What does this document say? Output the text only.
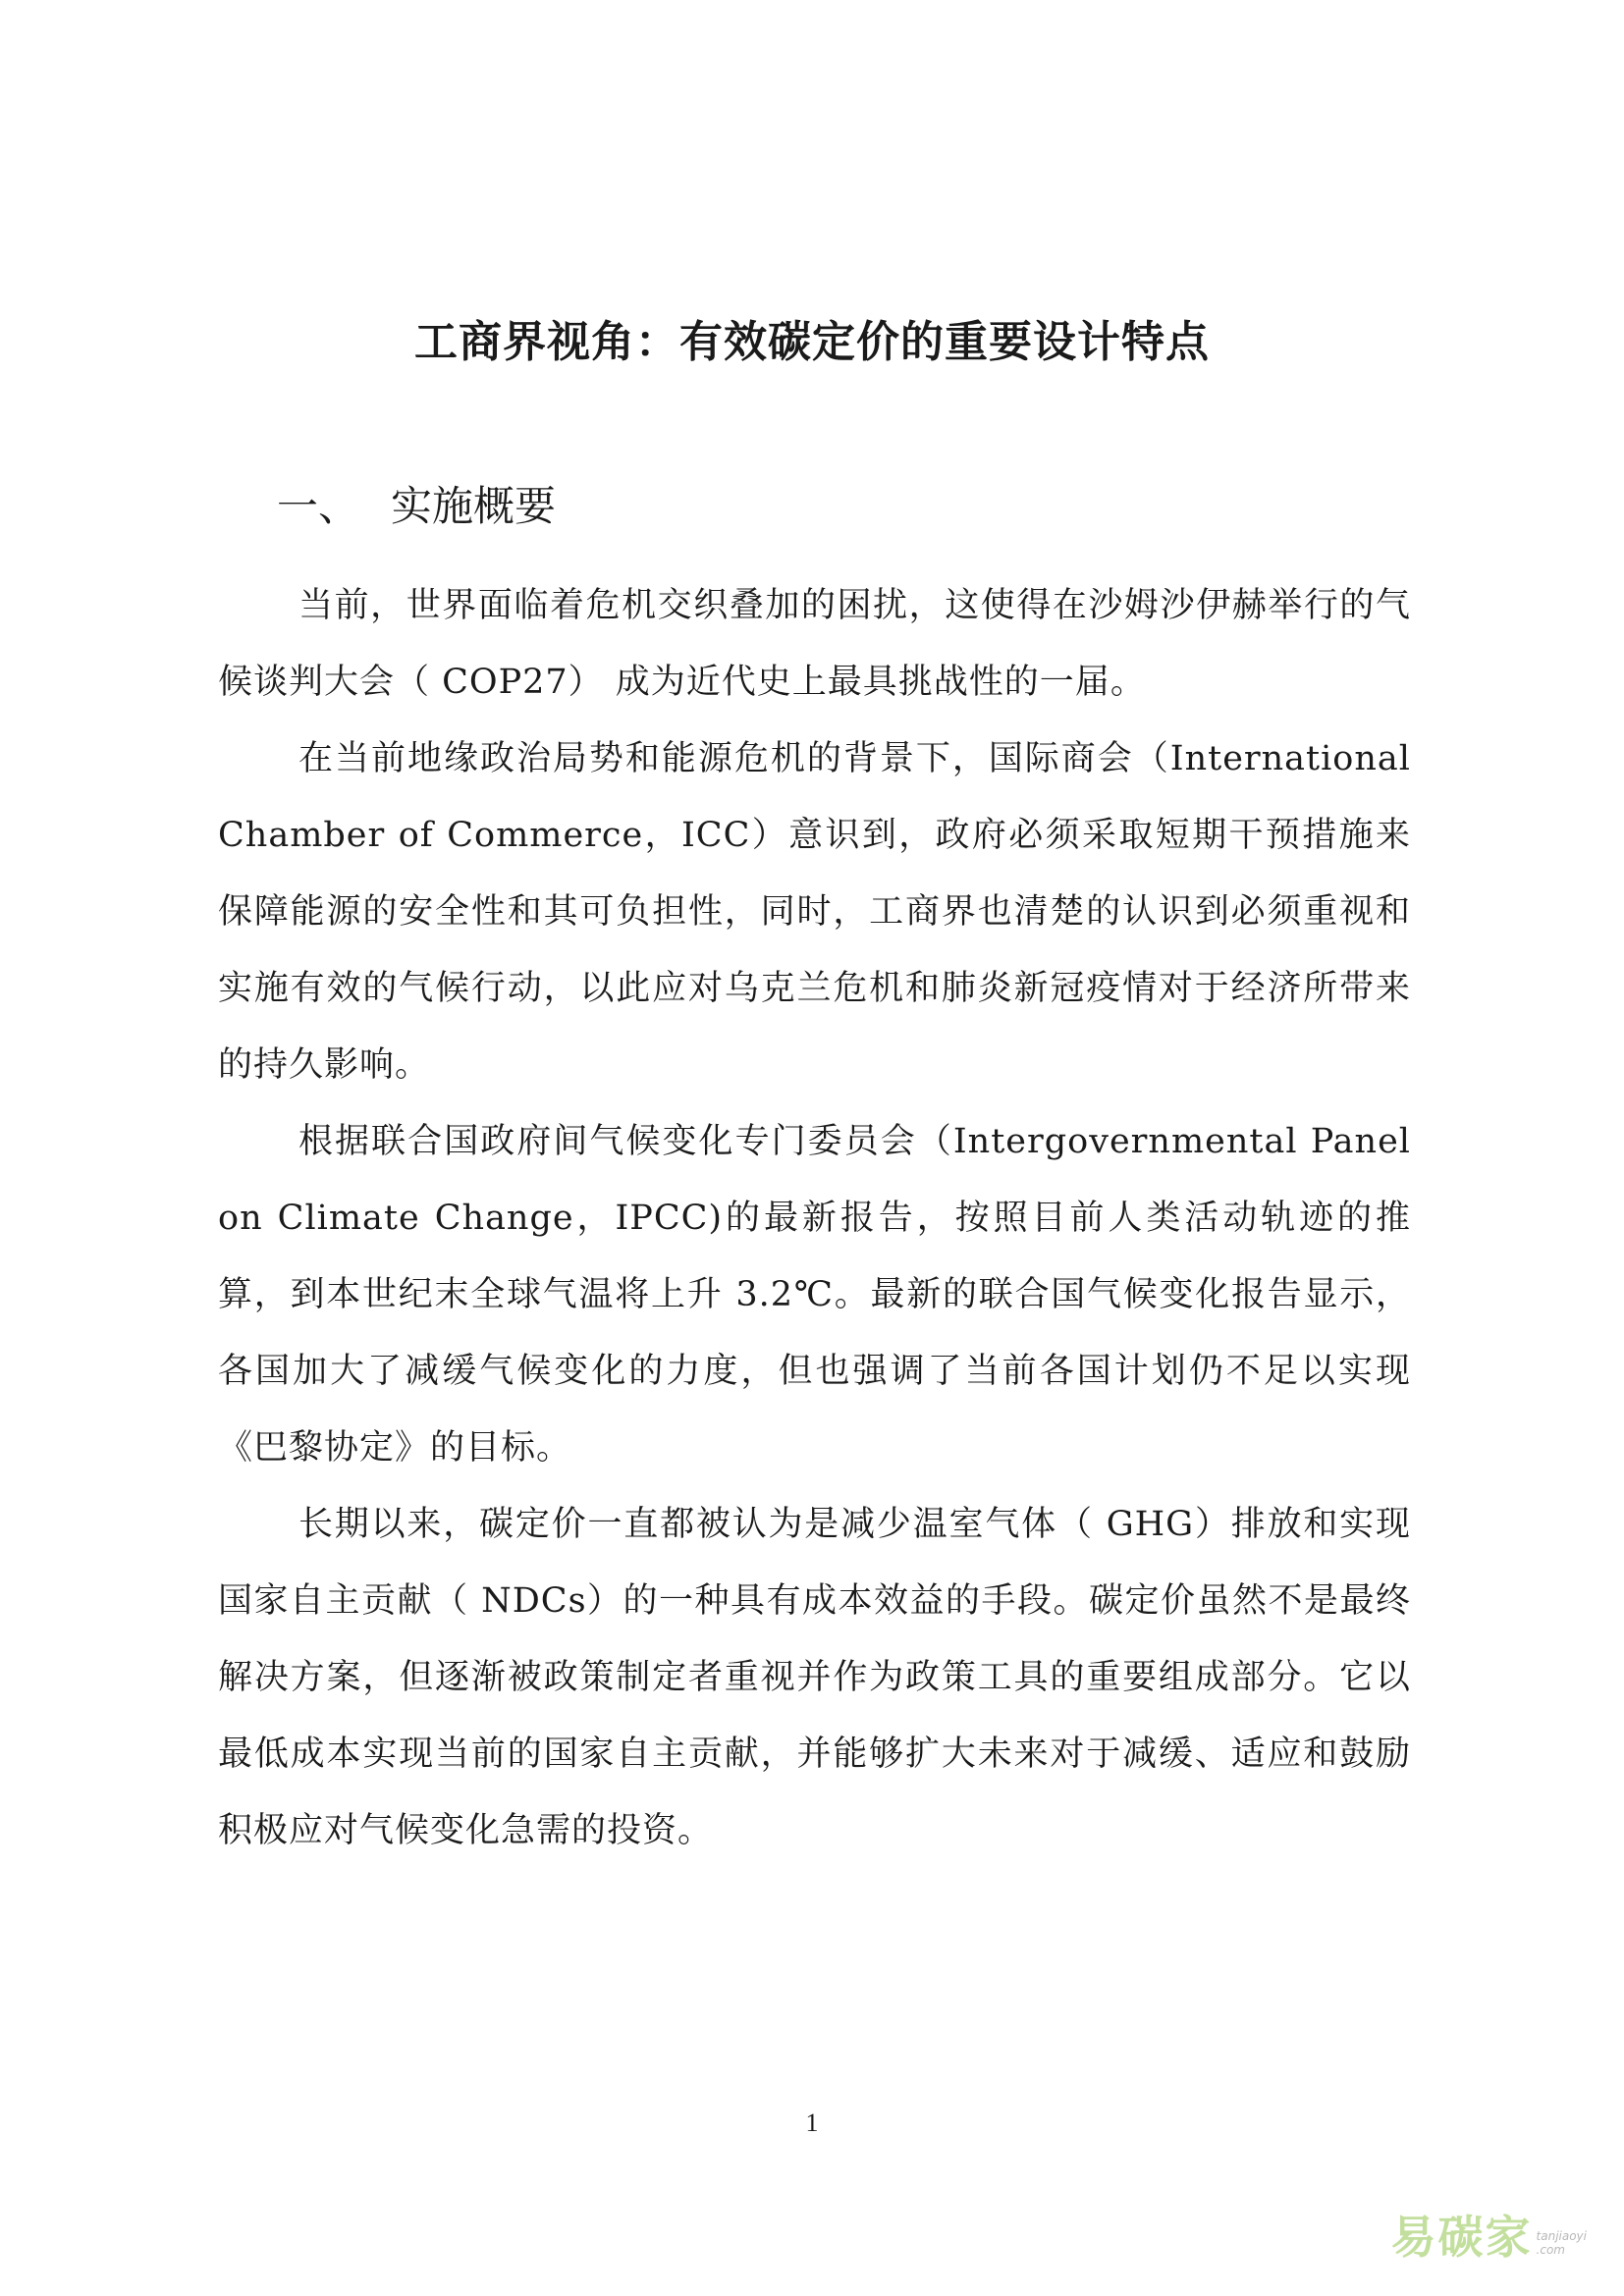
工商界视角：有效碳定价的重要设计特点
一、 实施概要

当前，世界面临着危机交织叠加的困扰，这使得在沙姆沙伊赫举行的气候谈判大会（ COP27） 成为近代史上最具挑战性的一届。

在当前地缘政治局势和能源危机的背景下，国际商会（International Chamber of Commerce，ICC）意识到，政府必须采取短期干预措施来保障能源的安全性和其可负担性，同时，工商界也清楚的认识到必须重视和实施有效的气候行动，以此应对乌克兰危机和肺炎新冠疫情对于经济所带来的持久影响。

根据联合国政府间气候变化专门委员会（Intergovernmental Panel on Climate Change，IPCC)的最新报告，按照目前人类活动轨迹的推算，到本世纪末全球气温将上升 3.2℃。最新的联合国气候变化报告显示，各国加大了减缓气候变化的力度，但也强调了当前各国计划仍不足以实现《巴黎协定》的目标。

长期以来，碳定价一直都被认为是减少温室气体（ GHG）排放和实现国家自主贡献（ NDCs）的一种具有成本效益的手段。碳定价虽然不是最终解决方案，但逐渐被政策制定者重视并作为政策工具的重要组成部分。它以最低成本实现当前的国家自主贡献，并能够扩大未来对于减缓、适应和鼓励积极应对气候变化急需的投资。

1
易碳家 tanjiaoyi
.com
